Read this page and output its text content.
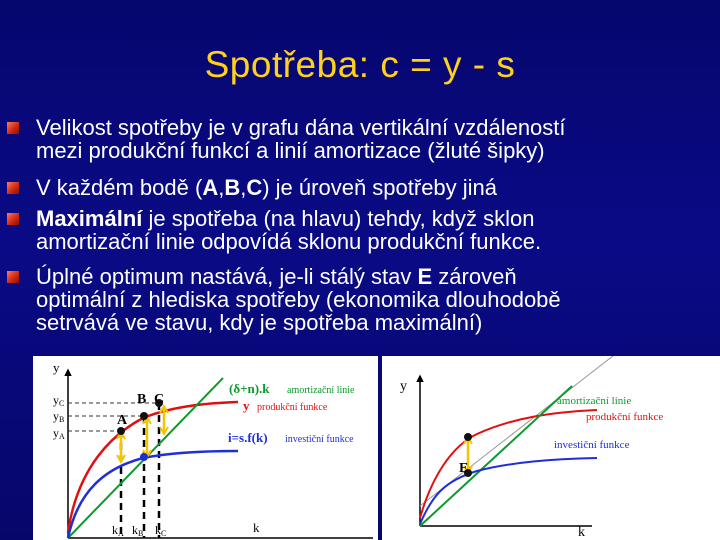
Spotřeba: c = y - s
Velikost spotřeby je v grafu dána vertikální vzdáleností
mezi produkční funkcí a linií amortizace (žluté šipky)
V každém bodě (A,B,C) je úroveň spotřeby jiná
Maximální je spotřeba (na hlavu) tehdy, když sklon
amortizační linie odpovídá sklonu produkční funkce.
Úplné optimum nastává, je-li stálý stav E zároveň
optimální z hlediska spotřeby (ekonomika dlouhodobě
setrvává ve stavu, kdy je spotřeba maximální)
y
k
yC
yB
yA
A
B C
kA kB kC
(δ+n).k amortizační linie
y produkční funkce
i=s.f(k) investiční funkce
y
k
E
amortizační linie
produkční funkce
investiční funkce
